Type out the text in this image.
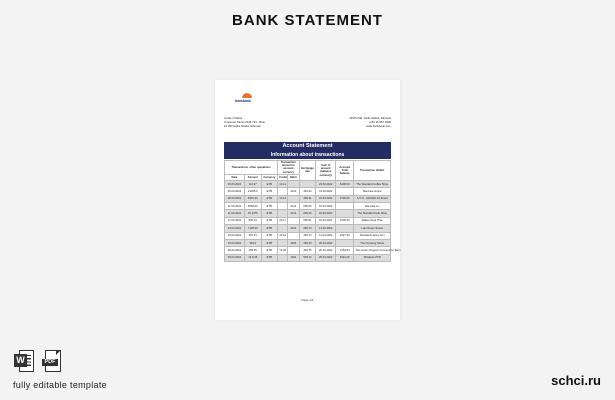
BANK STATEMENT
bankbank
Jonas of Marie
Customer Street 3318 721 - Bole
16 003 Addis Ababa, Ethiopia
3PVth 090. Addis Ababa, Ethiopia
+251 11 557 0000
www.bankbank.com
Account Statement
Information about transactions
Transactions, other operations			Transaction amount in account currency		Exchange rate	Sum of amount (balance currency)	Account Total balance	Transaction details
Date	Amount	Currency	Credit	Debit				
06.03.2022	111.37	ETB	10.14			23.03.2022	6408.00	The Standard Coffee Shop
06.03.2022	21455.0	ETB		4121	463.44	31.03.2022		Marouka Grace
08.03.2022	6370.20	ETB	10.14		469.31	01.04.2022	3700.00	S.O.S - GRAND 42 Street
11.03.2022	5363.00	ETB		4141	666.36	01.03.2022		Marouka Lin
11.03.2022	33 1375	ETB		4141	666.36	01.03.2022		The Standard Cafe Shop
17.03.2022	830.44	ETB	23.17		666.91	01.03.2022	3700.00	Addas Creat Tiran
13.04.2022	7125.00	ETB		4121	466.74	14.04.2022		Lulu Green Stress
16.04.2022	387.14	ETB	16.14		466.74	11.04.2022	3427.40	Standard Hanny Ann
16.04.2022	353.3	ETB		4181	466.33	20.04.2022		The Crossing Street
25.04.2022	256.35	ETB	16.32		464.75	20.04.2022	4153.00	Just Green Organic Concepts le Town
25.04.2022	12.9.36	ETB		1191	503.12	20.04.2022	8113.20	Windows PTR
Page 1/1
W	PDF
fully editable template	schci.ru
